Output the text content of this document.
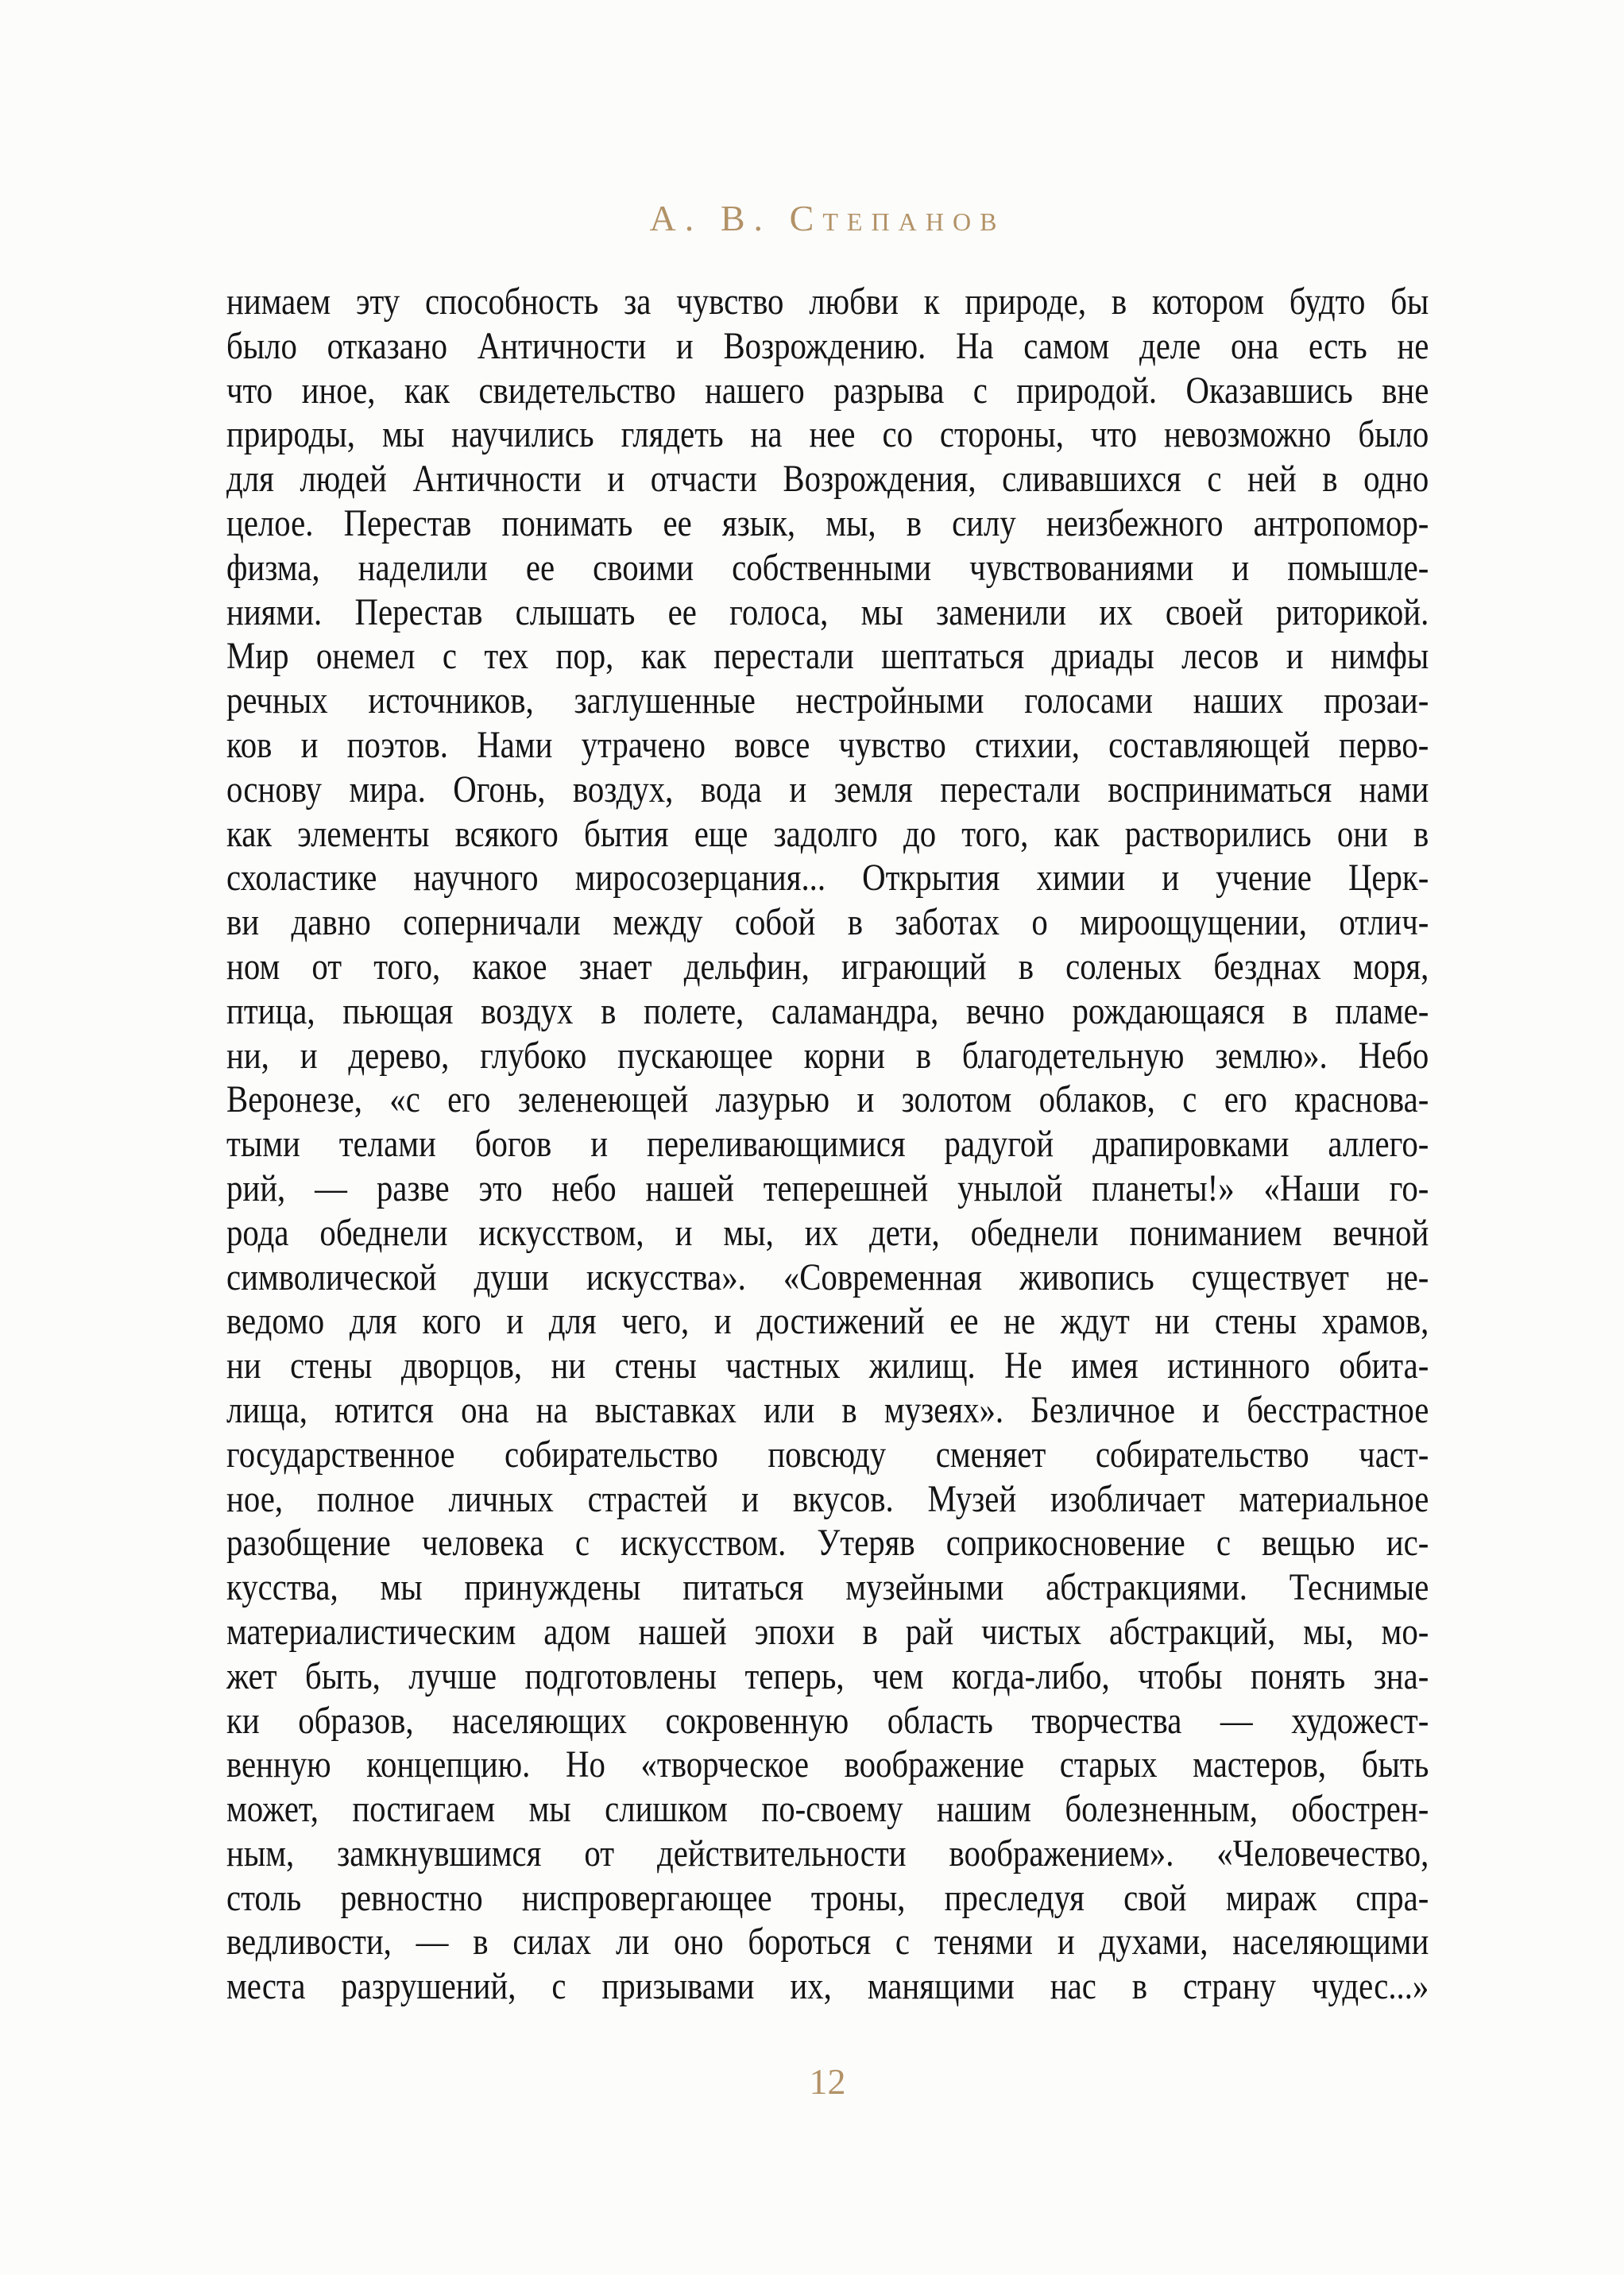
А. В. Степанов
нимаем эту способность за чувство любви к природе, в котором будто бы
было отказано Античности и Возрождению. На самом деле она есть не
что иное, как свидетельство нашего разрыва с природой. Оказавшись вне
природы, мы научились глядеть на нее со стороны, что невозможно было
для людей Античности и отчасти Возрождения, сливавшихся с ней в одно
целое. Перестав понимать ее язык, мы, в силу неизбежного антропомор-
физма, наделили ее своими собственными чувствованиями и помышле-
ниями. Перестав слышать ее голоса, мы заменили их своей риторикой.
Мир онемел с тех пор, как перестали шептаться дриады лесов и нимфы
речных источников, заглушенные нестройными голосами наших прозаи-
ков и поэтов. Нами утрачено вовсе чувство стихии, составляющей перво-
основу мира. Огонь, воздух, вода и земля перестали восприниматься нами
как элементы всякого бытия еще задолго до того, как растворились они в
схоластике научного миросозерцания... Открытия химии и учение Церк-
ви давно соперничали между собой в заботах о мироощущении, отлич-
ном от того, какое знает дельфин, играющий в соленых безднах моря,
птица, пьющая воздух в полете, саламандра, вечно рождающаяся в пламе-
ни, и дерево, глубоко пускающее корни в благодетельную землю». Небо
Веронезе, «с его зеленеющей лазурью и золотом облаков, с его краснова-
тыми телами богов и переливающимися радугой драпировками аллего-
рий, — разве это небо нашей теперешней унылой планеты!» «Наши го-
рода обеднели искусством, и мы, их дети, обеднели пониманием вечной
символической души искусства». «Современная живопись существует не-
ведомо для кого и для чего, и достижений ее не ждут ни стены храмов,
ни стены дворцов, ни стены частных жилищ. Не имея истинного обита-
лища, ютится она на выставках или в музеях». Безличное и бесстрастное
государственное собирательство повсюду сменяет собирательство част-
ное, полное личных страстей и вкусов. Музей изобличает материальное
разобщение человека с искусством. Утеряв соприкосновение с вещью ис-
кусства, мы принуждены питаться музейными абстракциями. Теснимые
материалистическим адом нашей эпохи в рай чистых абстракций, мы, мо-
жет быть, лучше подготовлены теперь, чем когда-либо, чтобы понять зна-
ки образов, населяющих сокровенную область творчества — художест-
венную концепцию. Но «творческое воображение старых мастеров, быть
может, постигаем мы слишком по-своему нашим болезненным, обострен-
ным, замкнувшимся от действительности воображением». «Человечество,
столь ревностно ниспровергающее троны, преследуя свой мираж спра-
ведливости, — в силах ли оно бороться с тенями и духами, населяющими
места разрушений, с призывами их, манящими нас в страну чудес...»
12
